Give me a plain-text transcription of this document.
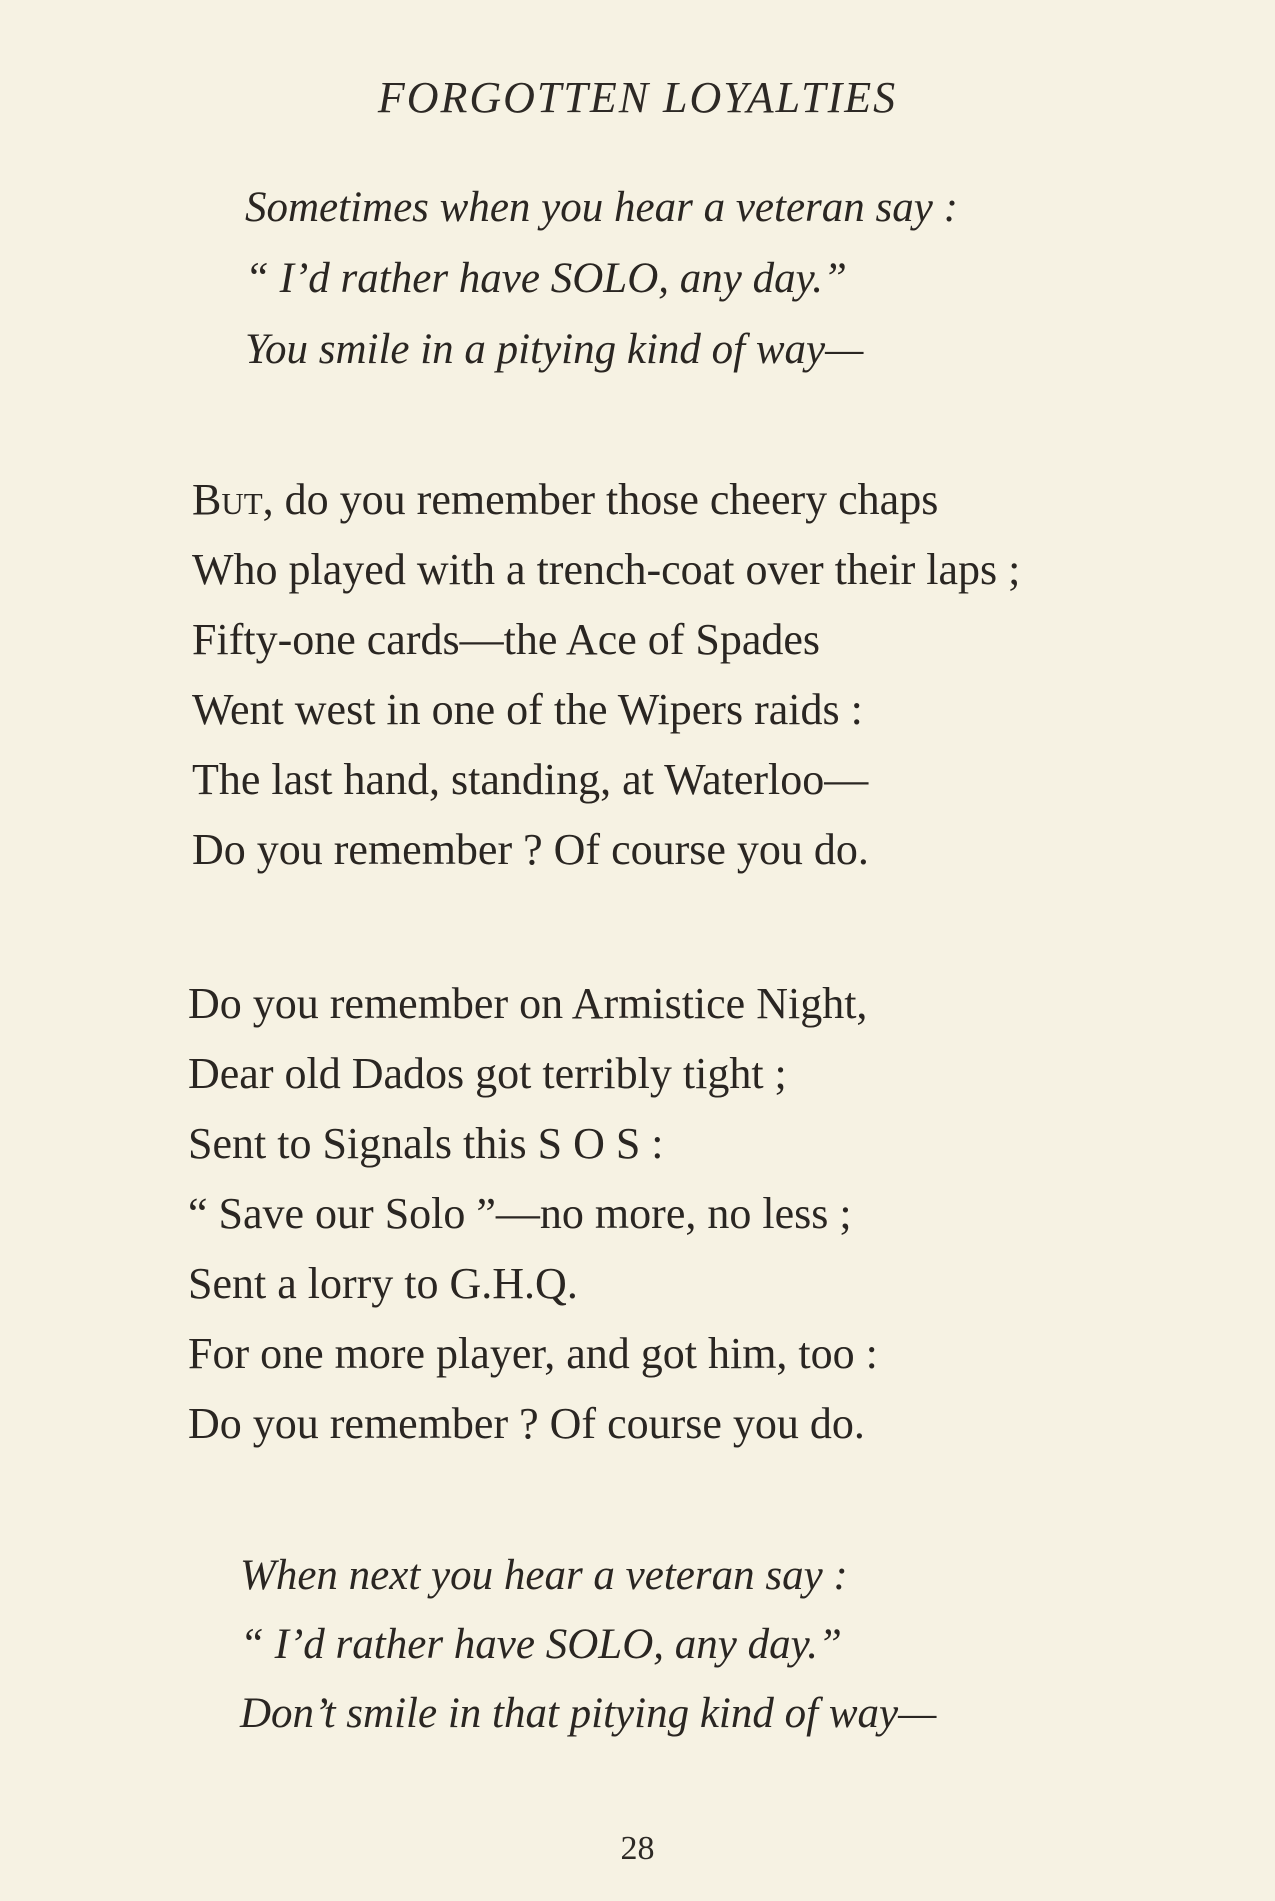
FORGOTTEN LOYALTIES
Sometimes when you hear a veteran say :
“ I’d rather have SOLO, any day.”
You smile in a pitying kind of way—
But, do you remember those cheery chaps
Who played with a trench-coat over their laps ;
Fifty-one cards—the Ace of Spades
Went west in one of the Wipers raids :
The last hand, standing, at Waterloo—
Do you remember ? Of course you do.
Do you remember on Armistice Night,
Dear old Dados got terribly tight ;
Sent to Signals this S O S :
“ Save our Solo ”—no more, no less ;
Sent a lorry to G.H.Q.
For one more player, and got him, too :
Do you remember ? Of course you do.
When next you hear a veteran say :
“ I’d rather have SOLO, any day.”
Don’t smile in that pitying kind of way—
28
